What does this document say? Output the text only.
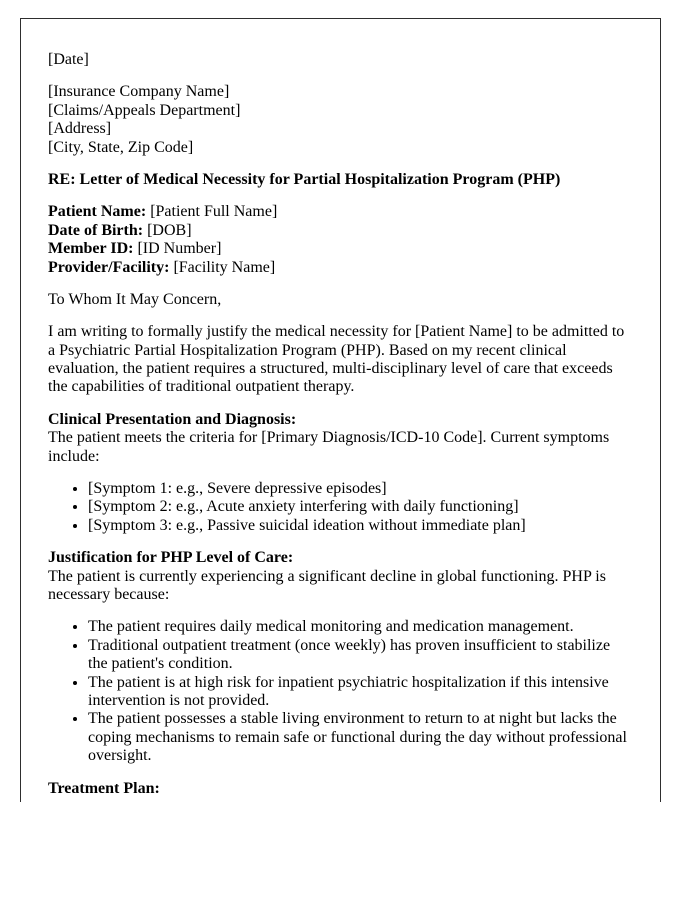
[Date]

[Insurance Company Name]
[Claims/Appeals Department]
[Address]
[City, State, Zip Code]

RE: Letter of Medical Necessity for Partial Hospitalization Program (PHP)

Patient Name: [Patient Full Name]
Date of Birth: [DOB]
Member ID: [ID Number]
Provider/Facility: [Facility Name]

To Whom It May Concern,

I am writing to formally justify the medical necessity for [Patient Name] to be admitted to a Psychiatric Partial Hospitalization Program (PHP). Based on my recent clinical evaluation, the patient requires a structured, multi-disciplinary level of care that exceeds the capabilities of traditional outpatient therapy.

Clinical Presentation and Diagnosis:
The patient meets the criteria for [Primary Diagnosis/ICD-10 Code]. Current symptoms include:

• [Symptom 1: e.g., Severe depressive episodes]
• [Symptom 2: e.g., Acute anxiety interfering with daily functioning]
• [Symptom 3: e.g., Passive suicidal ideation without immediate plan]

Justification for PHP Level of Care:
The patient is currently experiencing a significant decline in global functioning. PHP is necessary because:

• The patient requires daily medical monitoring and medication management.
• Traditional outpatient treatment (once weekly) has proven insufficient to stabilize the patient's condition.
• The patient is at high risk for inpatient psychiatric hospitalization if this intensive intervention is not provided.
• The patient possesses a stable living environment to return to at night but lacks the coping mechanisms to remain safe or functional during the day without professional oversight.

Treatment Plan:
